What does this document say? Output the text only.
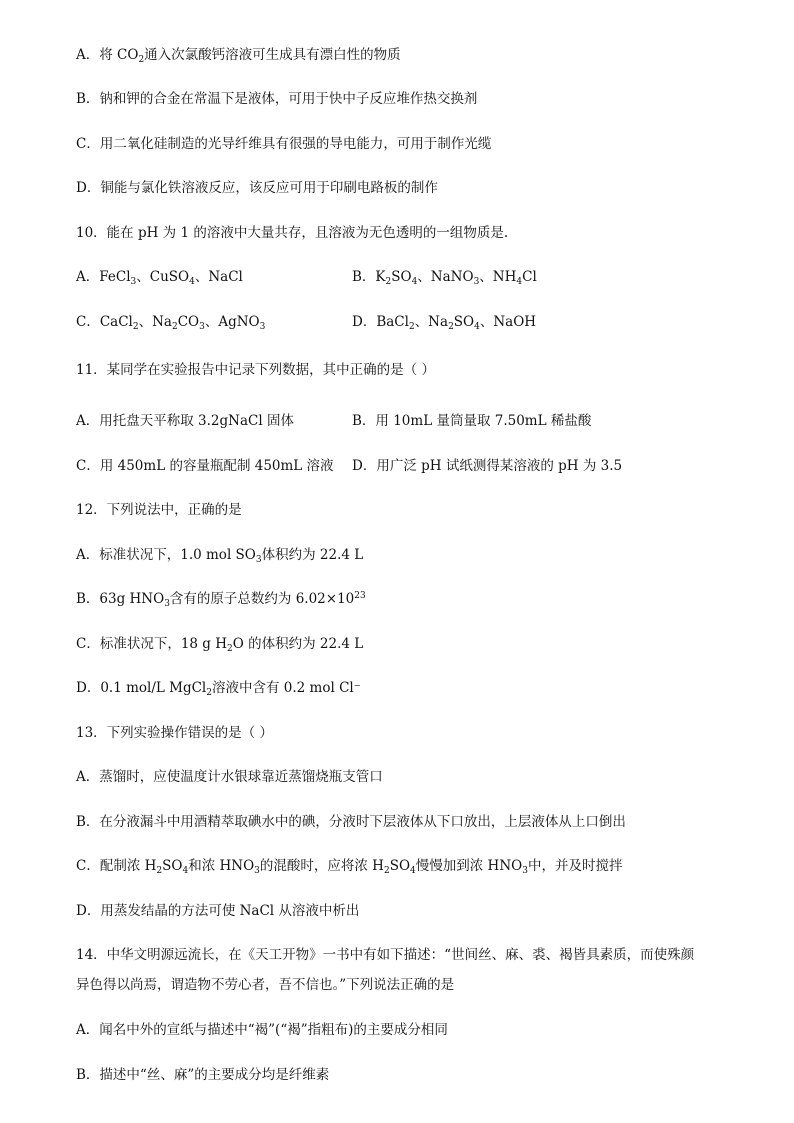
A．将 $CO_2$通入次氯酸钙溶液可生成具有漂白性的物质
B．钠和钾的合金在常温下是液体，可用于快中子反应堆作热交换剂
C．用二氧化硅制造的光导纤维具有很强的导电能力，可用于制作光缆
D．铜能与氯化铁溶液反应，该反应可用于印刷电路板的制作
10．能在 pH 为 1 的溶液中大量共存，且溶液为无色透明的一组物质是.
A．FeCl$_3$、CuSO$_4$、NaCl	B．$K_2SO_4$、NaNO$_3$、$NH_4Cl$
C．CaCl$_2$、$Na_2CO_3$、AgNO$_3$	D．BaCl$_2$、$Na_2SO_4$、NaOH
11．某同学在实验报告中记录下列数据，其中正确的是（ ）
A．用托盘天平称取 3.2gNaCl 固体	B．用 10mL 量筒量取 7.50mL 稀盐酸
C．用 450mL 的容量瓶配制 450mL 溶液 D．用广泛 pH 试纸测得某溶液的 pH 为 3.5
12．下列说法中，正确的是
A．标准状况下，1.0 mol $SO_3$体积约为 22.4 L
B．63g $HNO_3$含有的原子总数约为 $6.02\times 10^{23}$
C．标准状况下，18 g $H_2O$ 的体积约为 22.4 L
D．0.1 mol/L MgCl$_2$溶液中含有 0.2 mol Cl⁻
13．下列实验操作错误的是（ ）
A．蒸馏时，应使温度计水银球靠近蒸馏烧瓶支管口
B．在分液漏斗中用酒精萃取碘水中的碘，分液时下层液体从下口放出，上层液体从上口倒出
C．配制浓 $H_2SO_4$和浓 $HNO_3$的混酸时，应将浓 $H_2SO_4$慢慢加到浓 $HNO_3$中，并及时搅拌
D．用蒸发结晶的方法可使 NaCl 从溶液中析出
14．中华文明源远流长，在《天工开物》一书中有如下描述：“世间丝、麻、裘、褐皆具素质，而使殊颜
异色得以尚焉，谓造物不劳心者，吾不信也。”下列说法正确的是
A．闻名中外的宣纸与描述中“褐”(“褐”指粗布)的主要成分相同
B．描述中“丝、麻”的主要成分均是纤维素
